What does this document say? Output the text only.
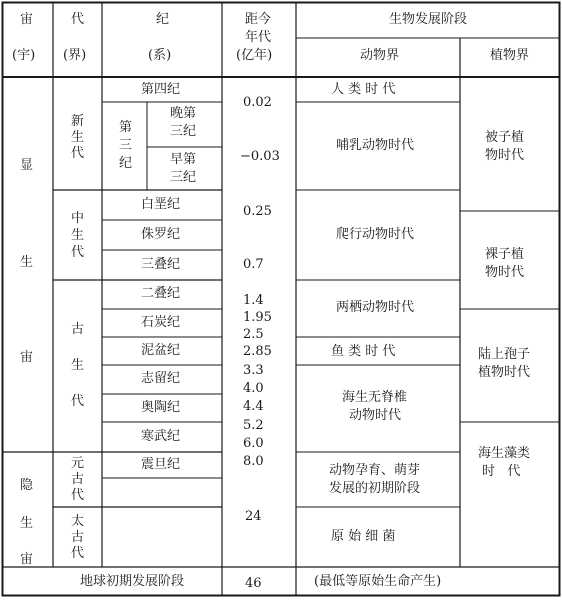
宙
(宇)
代
(界)
纪
(系)
距今
年代
(亿年)
生物发展阶段
动物界	植物界
显
生
宙
隐
生
宙
新
生
代
中
生
代
古
生
代
元
古
代
太
古
代
第四纪
第
三
纪
晚第
三纪
早第
三纪
白垩纪
侏罗纪
三叠纪
二叠纪
石炭纪
泥盆纪
志留纪
奥陶纪
寒武纪
震旦纪
地球初期发展阶段
0.02
−0.03
0.25
0.7
1.4
1.95
2.5
2.85
3.3
4.0
4.4
5.2
6.0
8.0
24
46
人 类 时 代
哺乳动物时代
爬行动物时代
两栖动物时代
鱼 类 时 代
海生无脊椎
动物时代
动物孕育、萌芽
发展的初期阶段
原 始 细 菌
(最低等原始生命产生)
被子植
物时代
裸子植
物时代
陆上孢子
植物时代
海生藻类
时   代
